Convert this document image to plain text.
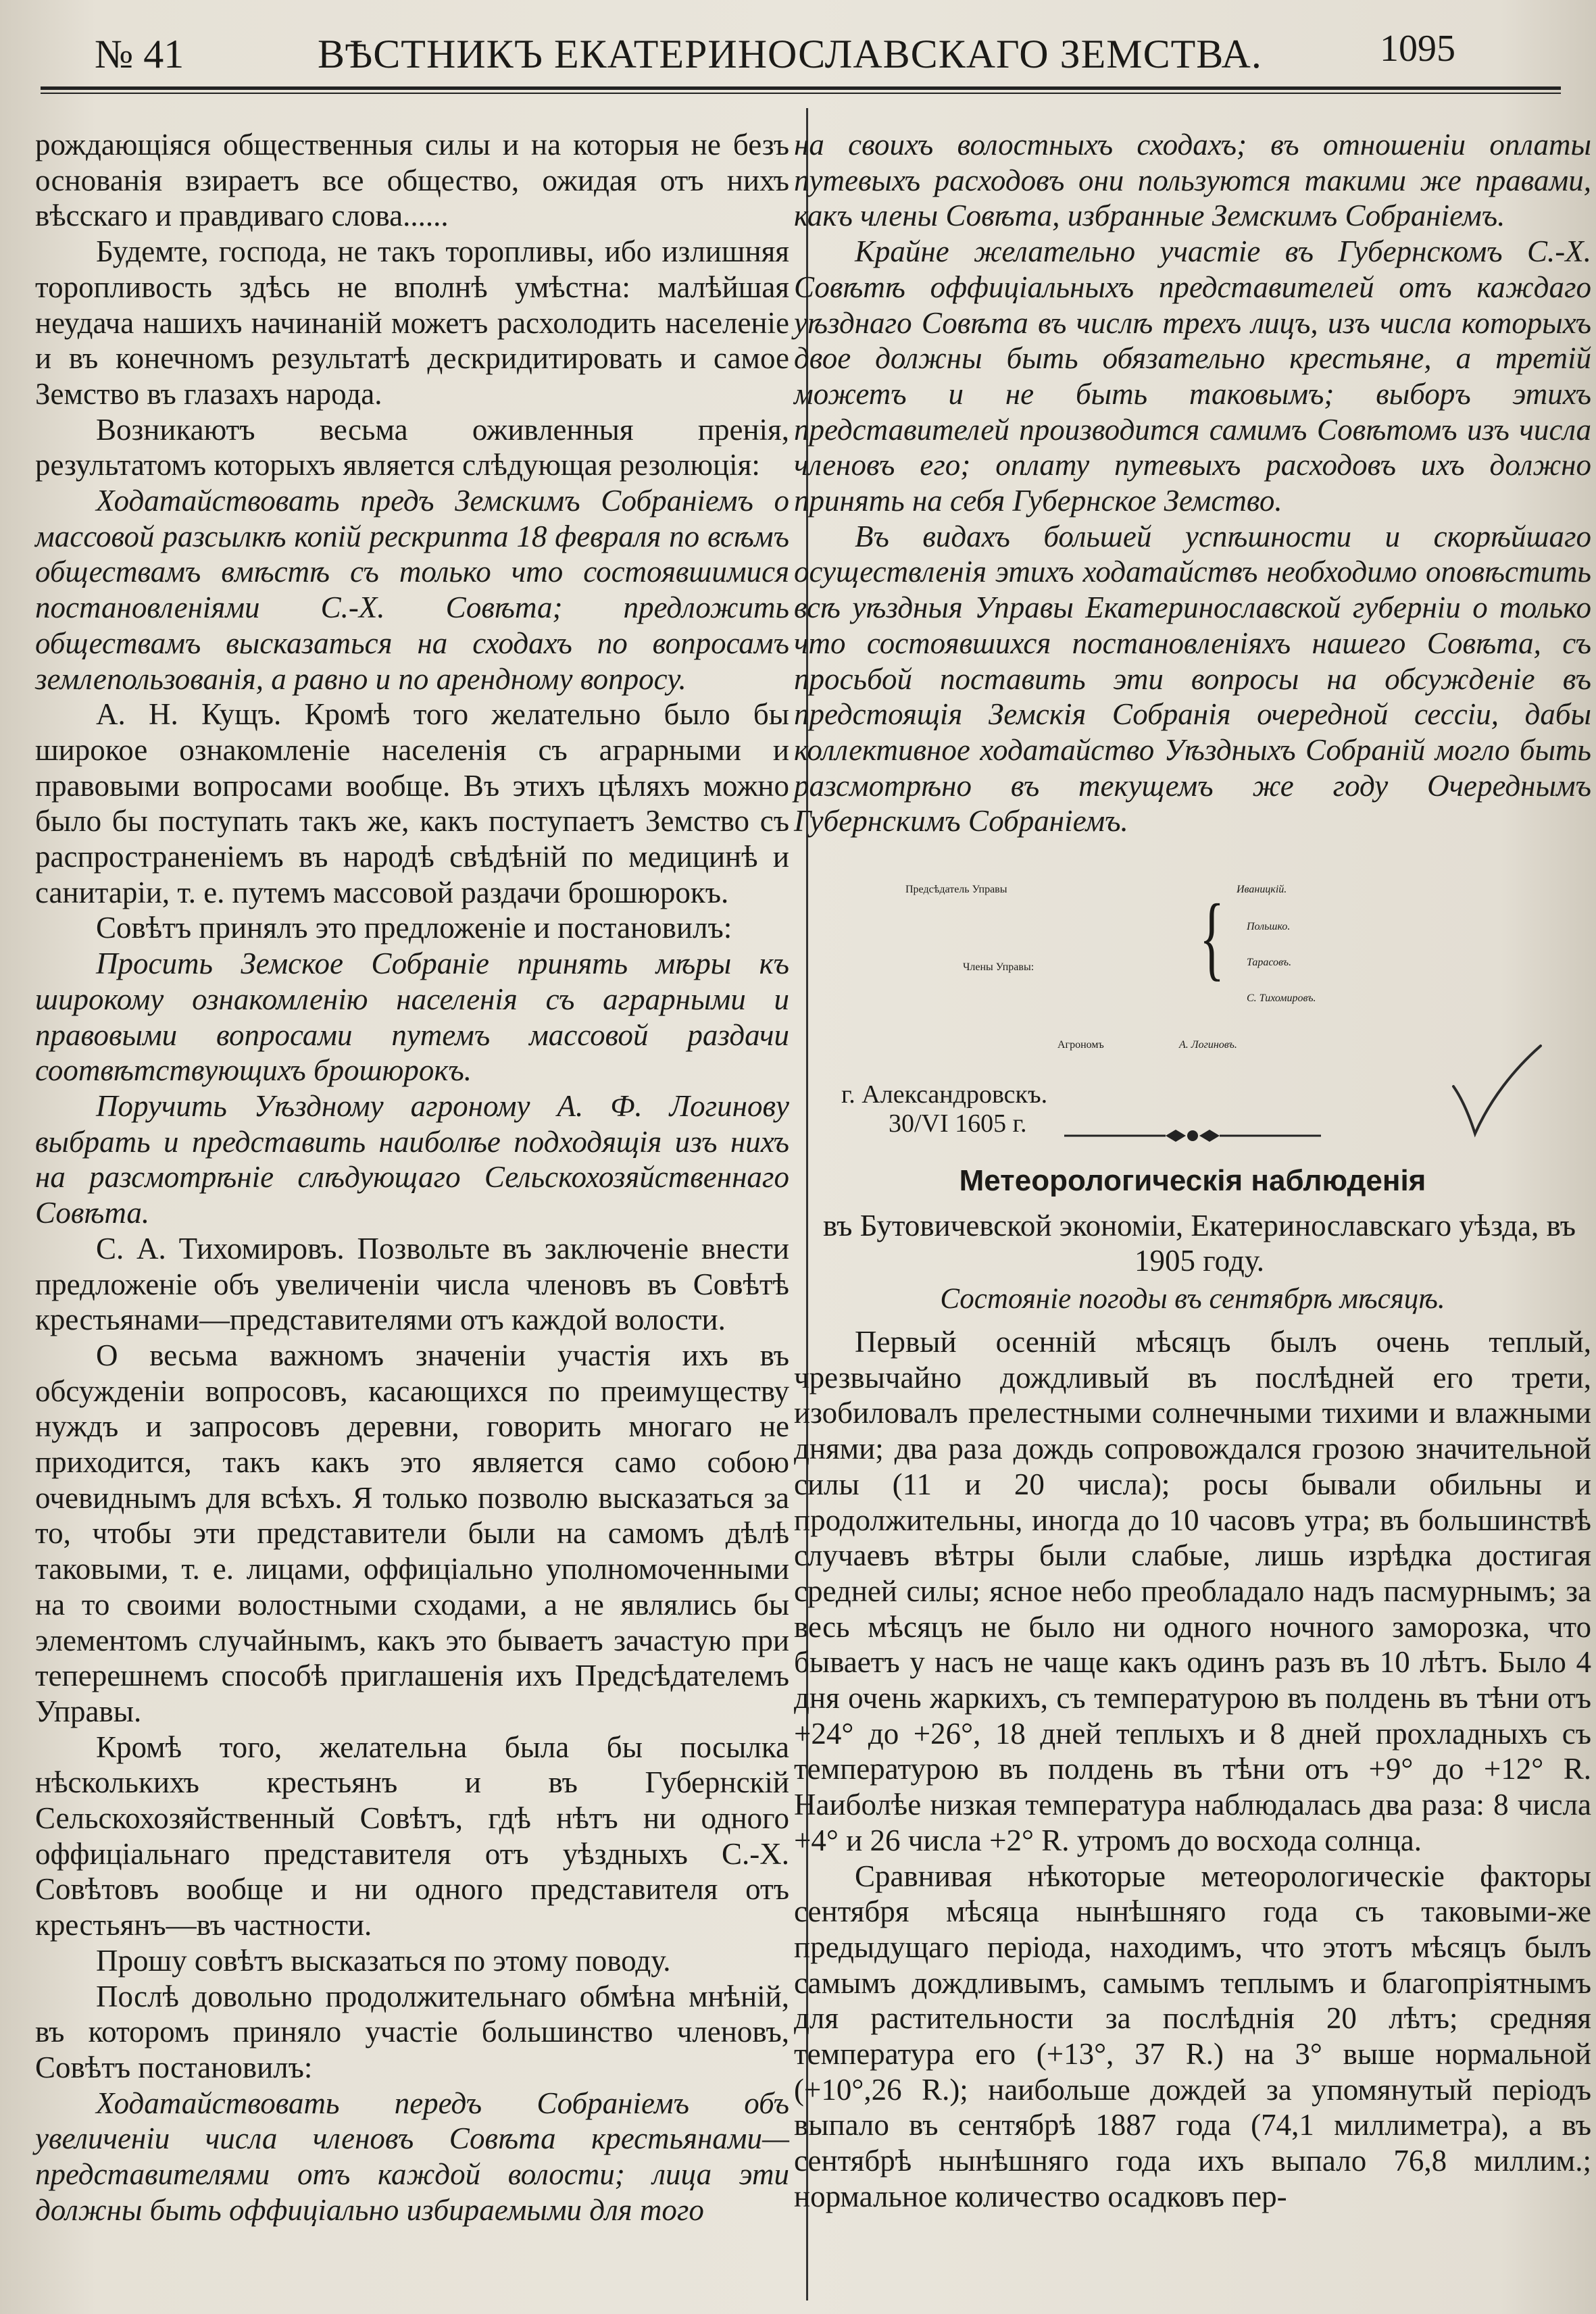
№ 41	ВѢСТНИКЪ ЕКАТЕРИНОСЛАВСКАГО ЗЕМСТВА.	1095

рождающіяся общественныя силы и на которыя не безъ основанія взираетъ все общество, ожидая отъ нихъ вѣсскаго и правдиваго слова......

Будемте, господа, не такъ торопливы, ибо излишняя торопливость здѣсь не вполнѣ умѣстна: малѣйшая неудача нашихъ начинаній можетъ расхолодить населеніе и въ конечномъ результатѣ дескридитировать и самое Земство въ глазахъ народа.

Возникаютъ весьма оживленныя пренія, результатомъ которыхъ является слѣдующая резолюція:

Ходатайствовать предъ Земскимъ Собраніемъ о массовой разсылкѣ копій рескрипта 18 февраля по всѣмъ обществамъ вмѣстѣ съ только что состоявшимися постановленіями С.-Х. Совѣта; предложить обществамъ высказаться на сходахъ по вопросамъ землепользованія, а равно и по арендному вопросу.

А. Н. Кущъ. Кромѣ того желательно было бы широкое ознакомленіе населенія съ аграрными и правовыми вопросами вообще. Въ этихъ цѣляхъ можно было бы поступать такъ же, какъ поступаетъ Земство съ распространеніемъ въ народѣ свѣдѣній по медицинѣ и санитаріи, т. е. путемъ массовой раздачи брошюрокъ.

Совѣтъ принялъ это предложеніе и постановилъ:

Просить Земское Собраніе принять мѣры къ широкому ознакомленію населенія съ аграрными и правовыми вопросами путемъ массовой раздачи соотвѣтствующихъ брошюрокъ.

Поручить Уѣздному агроному А. Ф. Логинову выбрать и представить наиболѣе подходящія изъ нихъ на разсмотрѣніе слѣдующаго Сельскохозяйственнаго Совѣта.

С. А. Тихомировъ. Позвольте въ заключеніе внести предложеніе объ увеличеніи числа членовъ въ Совѣтѣ крестьянами—представителями отъ каждой волости.

О весьма важномъ значеніи участія ихъ въ обсужденіи вопросовъ, касающихся по преимуществу нуждъ и запросовъ деревни, говорить многаго не приходится, такъ какъ это является само собою очевиднымъ для всѣхъ. Я только позволю высказаться за то, чтобы эти представители были на самомъ дѣлѣ таковыми, т. е. лицами, оффиціально уполномоченными на то своими волостными сходами, а не являлись бы элементомъ случайнымъ, какъ это бываетъ зачастую при теперешнемъ способѣ приглашенія ихъ Предсѣдателемъ Управы.

Кромѣ того, желательна была бы посылка нѣсколькихъ крестьянъ и въ Губернскій Сельскохозяйственный Совѣтъ, гдѣ нѣтъ ни одного оффиціальнаго представителя отъ уѣздныхъ С.-Х. Совѣтовъ вообще и ни одного представителя отъ крестьянъ—въ частности.

Прошу совѣтъ высказаться по этому поводу.

Послѣ довольно продолжительнаго обмѣна мнѣній, въ которомъ приняло участіе большинство членовъ, Совѣтъ постановилъ:

Ходатайствовать передъ Собраніемъ объ увеличеніи числа членовъ Совѣта крестьянами—представителями отъ каждой волости; лица эти должны быть оффиціально избираемыми для того

на своихъ волостныхъ сходахъ; въ отношеніи оплаты путевыхъ расходовъ они пользуются такими же правами, какъ члены Совѣта, избранные Земскимъ Собраніемъ.

Крайне желательно участіе въ Губернскомъ С.-Х. Совѣтѣ оффиціальныхъ представителей отъ каждаго уѣзднаго Совѣта въ числѣ трехъ лицъ, изъ числа которыхъ двое должны быть обязательно крестьяне, а третій можетъ и не быть таковымъ; выборъ этихъ представителей производится самимъ Совѣтомъ изъ числа членовъ его; оплату путевыхъ расходовъ ихъ должно принять на себя Губернское Земство.

Въ видахъ большей успѣшности и скорѣйшаго осуществленія этихъ ходатайствъ необходимо оповѣстить всѣ уѣздныя Управы Екатеринославской губерніи о только что состоявшихся постановленіяхъ нашего Совѣта, съ просьбой поставить эти вопросы на обсужденіе въ предстоящія Земскія Собранія очередной сессіи, дабы коллективное ходатайство Уѣздныхъ Собраній могло быть разсмотрѣно въ текущемъ же году Очереднымъ Губернскимъ Собраніемъ.

Предсѣдатель Управы	Иваницкій.
Члены Управы: { Польшко.
Тарасовъ.
С. Тихомировъ.
Агрономъ	А. Логиновъ.
г. Александровскъ.
30/VI 1605 г.
Метеорологическія наблюденія
въ Бутовичевской экономіи, Екатеринославскаго уѣзда, въ 1905 году.
Состояніе погоды въ сентябрѣ мѣсяцѣ.

Первый осенній мѣсяцъ былъ очень теплый, чрезвычайно дождливый въ послѣдней его трети, изобиловалъ прелестными солнечными тихими и влажными днями; два раза дождь сопровождался грозою значительной силы (11 и 20 числа); росы бывали обильны и продолжительны, иногда до 10 часовъ утра; въ большинствѣ случаевъ вѣтры были слабые, лишь изрѣдка достигая средней силы; ясное небо преобладало надъ пасмурнымъ; за весь мѣсяцъ не было ни одного ночного заморозка, что бываетъ у насъ не чаще какъ одинъ разъ въ 10 лѣтъ. Было 4 дня очень жаркихъ, съ температурою въ полдень въ тѣни отъ +24° до +26°, 18 дней теплыхъ и 8 дней прохладныхъ съ температурою въ полдень въ тѣни отъ +9° до +12° R. Наиболѣе низкая температура наблюдалась два раза: 8 числа +4° и 26 числа +2° R. утромъ до восхода солнца.

Сравнивая нѣкоторые метеорологическіе факторы сентября мѣсяца нынѣшняго года съ таковыми-же предыдущаго періода, находимъ, что этотъ мѣсяцъ былъ самымъ дождливымъ, самымъ теплымъ и благопріятнымъ для растительности за послѣднія 20 лѣтъ; средняя температура его (+13°, 37 R.) на 3° выше нормальной (+10°,26 R.); наибольше дождей за упомянутый періодъ выпало въ сентябрѣ 1887 года (74,1 миллиметра), а въ сентябрѣ нынѣшняго года ихъ выпало 76,8 миллим.; нормальное количество осадковъ пер-
